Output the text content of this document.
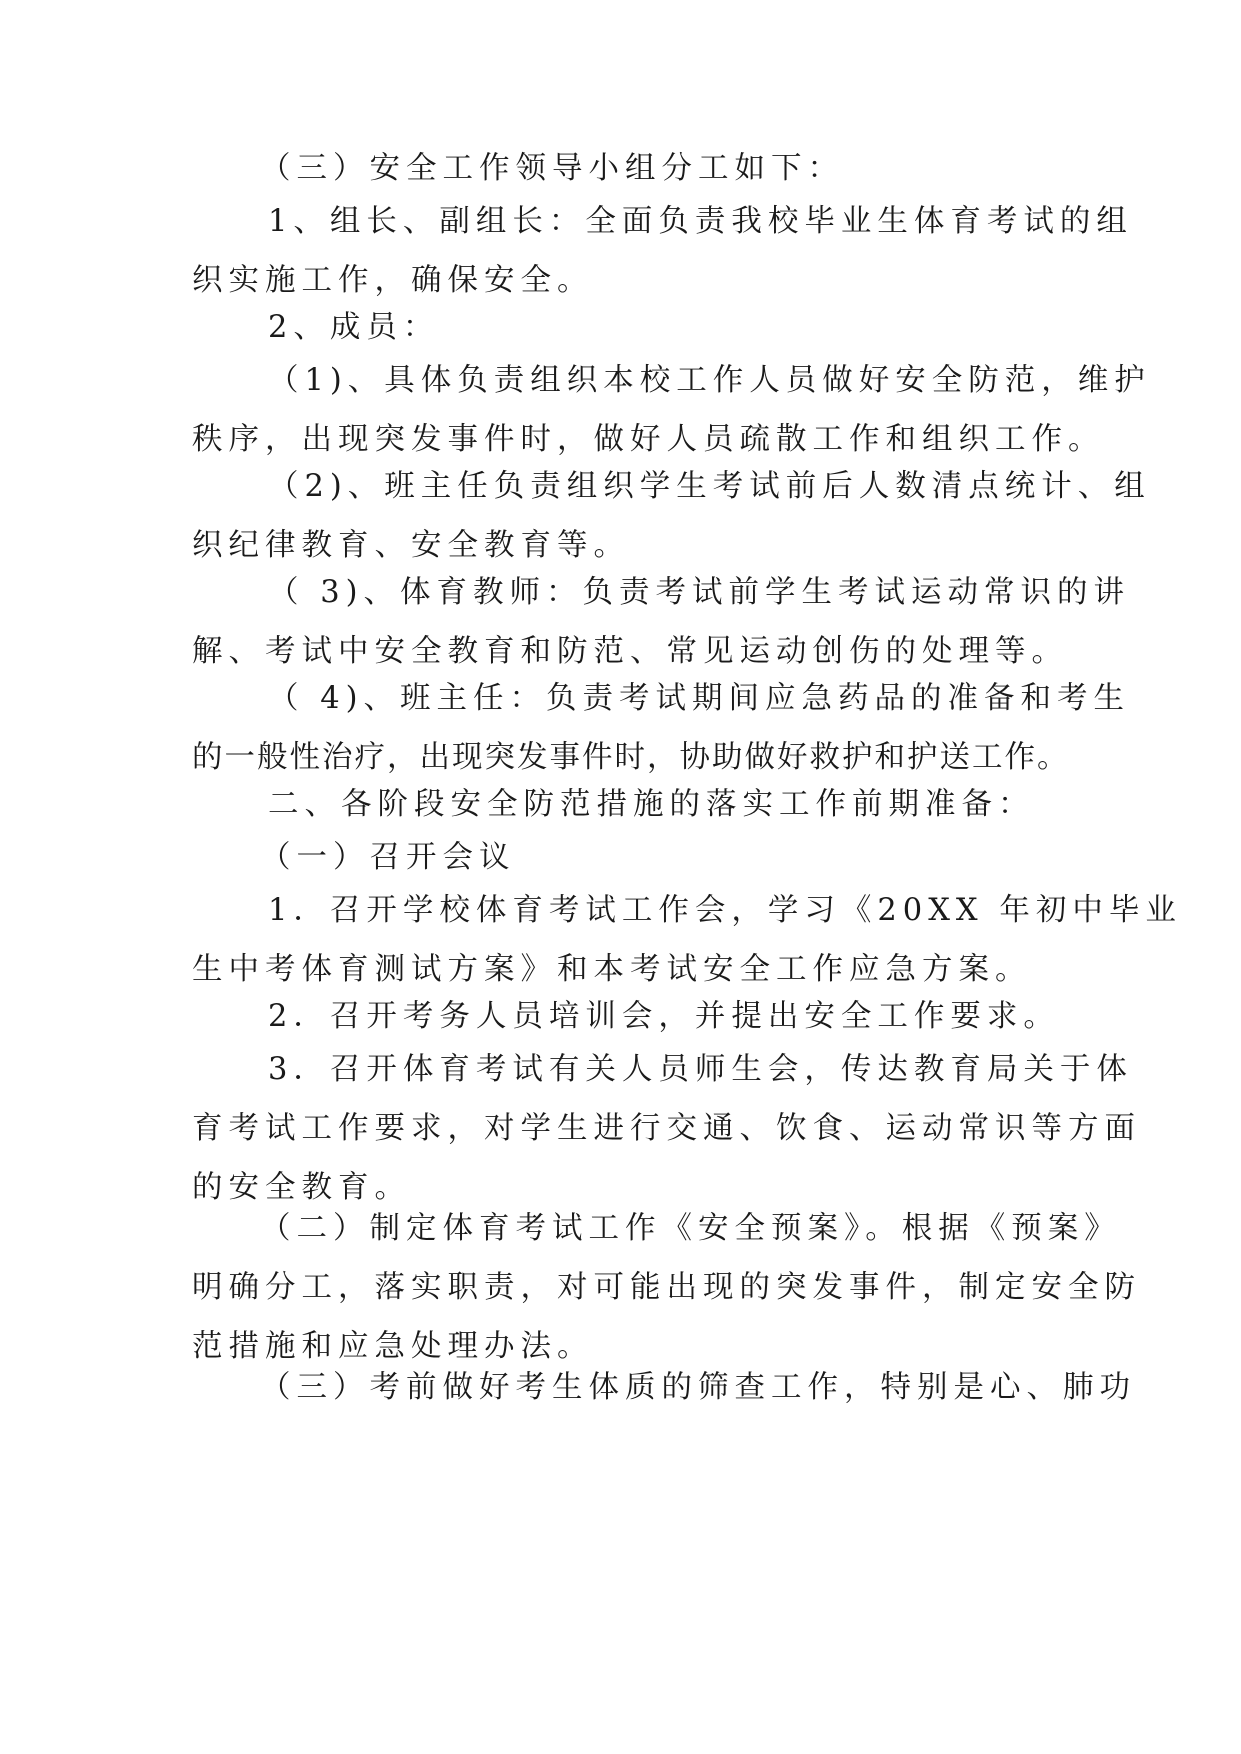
（三）安全工作领导小组分工如下：

1、组长、副组长：全面负责我校毕业生体育考试的组
织实施工作，确保安全。

2、成员：

（1)、具体负责组织本校工作人员做好安全防范，维护
秩序，出现突发事件时，做好人员疏散工作和组织工作。

（2)、班主任负责组织学生考试前后人数清点统计、组
织纪律教育、安全教育等。

（ 3)、体育教师：负责考试前学生考试运动常识的讲
解、考试中安全教育和防范、常见运动创伤的处理等。

（ 4)、班主任：负责考试期间应急药品的准备和考生
的一般性治疗，出现突发事件时，协助做好救护和护送工作。

二、各阶段安全防范措施的落实工作前期准备：

（一）召开会议

1．召开学校体育考试工作会，学习《20XX 年初中毕业
生中考体育测试方案》和本考试安全工作应急方案。

2．召开考务人员培训会，并提出安全工作要求。

3．召开体育考试有关人员师生会，传达教育局关于体
育考试工作要求，对学生进行交通、饮食、运动常识等方面
的安全教育。

（二）制定体育考试工作《安全预案》。根据《预案》
明确分工，落实职责，对可能出现的突发事件，制定安全防
范措施和应急处理办法。

（三）考前做好考生体质的筛查工作，特别是心、肺功
